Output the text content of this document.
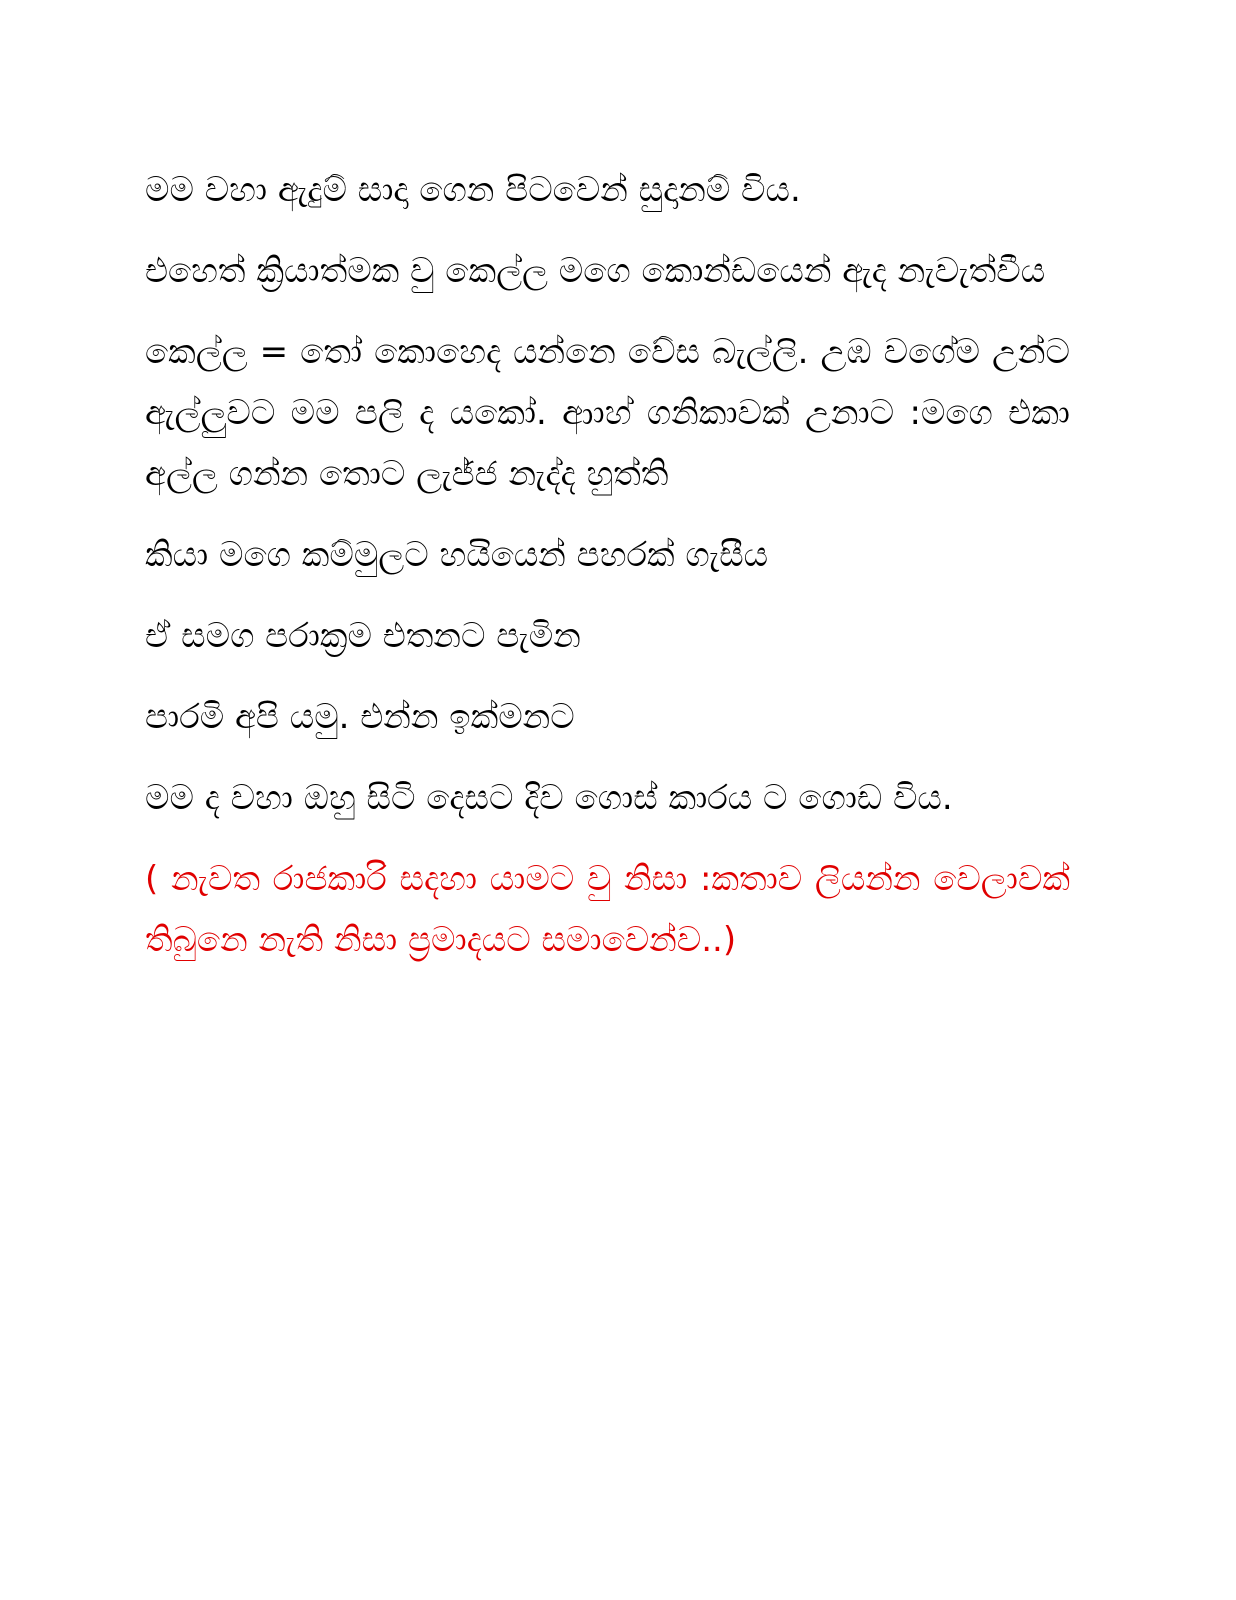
මම වහා ඇදුම් සාදා ගෙන පිටවෙන් සුදානම් විය.

එහෙත් ක්‍රියාත්මක වු කෙල්ල මගෙ කොන්ඩයෙන් ඇද නැවැත්වීය

කෙල්ල = තෝ කොහෙද යන්නෙ වේස බැල්ලි. උඹ වගේම උන්ට ඇල්ලුවට මම පලි ද යකෝ. ආාහ් ගනිකාවක් උනාට ꞉මගෙ එකා අල්ල ගන්න තොට ලැජ්ජ නැද්ද හුත්ති

කියා මගෙ කම්මුලට හයියෙන් පහරක් ගැසීය

ඒ සමග පරාක්‍රම එතනට පැමින

පාරමි අපි යමු. එන්න ඉක්මනට

මම ද වහා ඔහු සිටි දෙසට දිව ගොස් කාරය ට ගොඩ විය.

( නැවත රාජකාරි සදහා යාමට වු නිසා ꞉කතාව ලියන්න වෙලාවක් තිබුනෙ නැති නිසා ප්‍රමාදයට සමාවෙන්ව..)
